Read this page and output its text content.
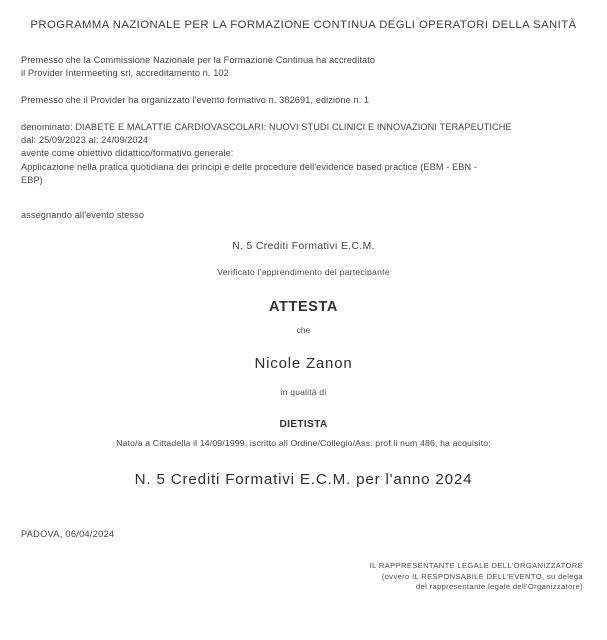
PROGRAMMA NAZIONALE PER LA FORMAZIONE CONTINUA DEGLI OPERATORI DELLA SANITÀ
Premesso che la Commissione Nazionale per la Formazione Continua ha accreditato
il Provider Intermeeting srl, accreditamento n. 102
Premesso che il Provider ha organizzato l'evento formativo n. 382691, edizione n. 1
denominato: DIABETE E MALATTIE CARDIOVASCOLARI: NUOVI STUDI CLINICI E INNOVAZIONI TERAPEUTICHE
dal: 25/09/2023 al: 24/09/2024
avente come obiettivo didattico/formativo generale:
Applicazione nella pratica quotidiana dei principi e delle procedure dell'evidence based practice (EBM - EBN -
EBP)
assegnando all'evento stesso
N. 5 Crediti Formativi E.C.M.
Verificato l'apprendimento del partecipante
ATTESTA
che
Nicole Zanon
in qualità di
DIETISTA
Nato/a a Cittadella il 14/09/1999, iscritto all Ordine/Collegio/Ass. prof.li num 486, ha acquisito:
N. 5 Crediti Formativi E.C.M. per l'anno 2024
PADOVA, 06/04/2024
IL RAPPRESENTANTE LEGALE DELL'ORGANIZZATORE
(ovvero IL RESPONSABILE DELL'EVENTO, su delega
del rappresentante legale dell'Organizzatore)
